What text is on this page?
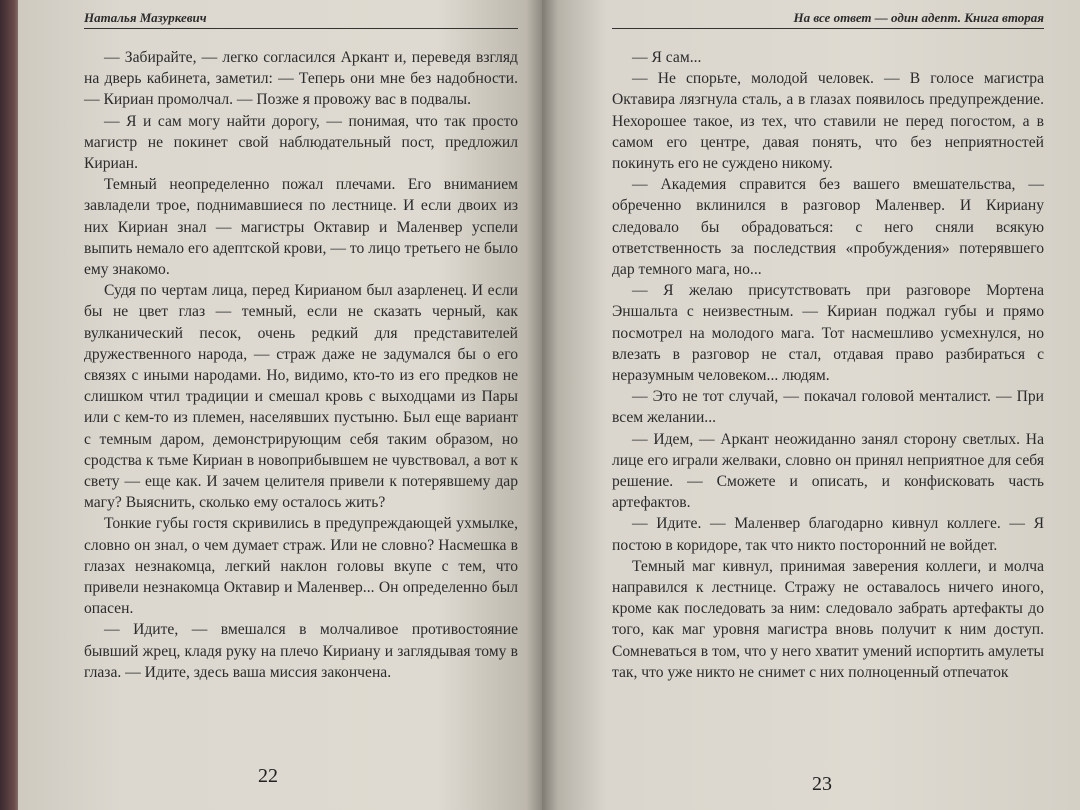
Наталья Мазуркевич

— Забирайте, — легко согласился Аркант и, переведя взгляд на дверь кабинета, заметил: — Теперь они мне без надобности. — Кириан промолчал. — Позже я провожу вас в подвалы.

— Я и сам могу найти дорогу, — понимая, что так просто магистр не покинет свой наблюдательный пост, предложил Кириан.

Темный неопределенно пожал плечами. Его вниманием завладели трое, поднимавшиеся по лестнице. И если двоих из них Кириан знал — магистры Октавир и Маленвер успели выпить немало его адептской крови, — то лицо третьего не было ему знакомо.

Судя по чертам лица, перед Кирианом был азарленец. И если бы не цвет глаз — темный, если не сказать черный, как вулканический песок, очень редкий для представителей дружественного народа, — страж даже не задумался бы о его связях с иными народами. Но, видимо, кто-то из его предков не слишком чтил традиции и смешал кровь с выходцами из Пары или с кем-то из племен, населявших пустыню. Был еще вариант с темным даром, демонстрирующим себя таким образом, но сродства к тьме Кириан в новоприбывшем не чувствовал, а вот к свету — еще как. И зачем целителя привели к потерявшему дар магу? Выяснить, сколько ему осталось жить?

Тонкие губы гостя скривились в предупреждающей ухмылке, словно он знал, о чем думает страж. Или не словно? Насмешка в глазах незнакомца, легкий наклон головы вкупе с тем, что привели незнакомца Октавир и Маленвер... Он определенно был опасен.

— Идите, — вмешался в молчаливое противостояние бывший жрец, кладя руку на плечо Кириану и заглядывая тому в глаза. — Идите, здесь ваша миссия закончена.

22
На все ответ — один адепт. Книга вторая

— Я сам...

— Не спорьте, молодой человек. — В голосе магистра Октавира лязгнула сталь, а в глазах появилось предупреждение. Нехорошее такое, из тех, что ставили не перед погостом, а в самом его центре, давая понять, что без неприятностей покинуть его не суждено никому.

— Академия справится без вашего вмешательства, — обреченно вклинился в разговор Маленвер. И Кириану следовало бы обрадоваться: с него сняли всякую ответственность за последствия «пробуждения» потерявшего дар темного мага, но...

— Я желаю присутствовать при разговоре Мортена Эншальта с неизвестным. — Кириан поджал губы и прямо посмотрел на молодого мага. Тот насмешливо усмехнулся, но влезать в разговор не стал, отдавая право разбираться с неразумным человеком... людям.

— Это не тот случай, — покачал головой менталист. — При всем желании...

— Идем, — Аркант неожиданно занял сторону светлых. На лице его играли желваки, словно он принял неприятное для себя решение. — Сможете и описать, и конфисковать часть артефактов.

— Идите. — Маленвер благодарно кивнул коллеге. — Я постою в коридоре, так что никто посторонний не войдет.

Темный маг кивнул, принимая заверения коллеги, и молча направился к лестнице. Стражу не оставалось ничего иного, кроме как последовать за ним: следовало забрать артефакты до того, как маг уровня магистра вновь получит к ним доступ. Сомневаться в том, что у него хватит умений испортить амулеты так, что уже никто не снимет с них полноценный отпечаток

23
